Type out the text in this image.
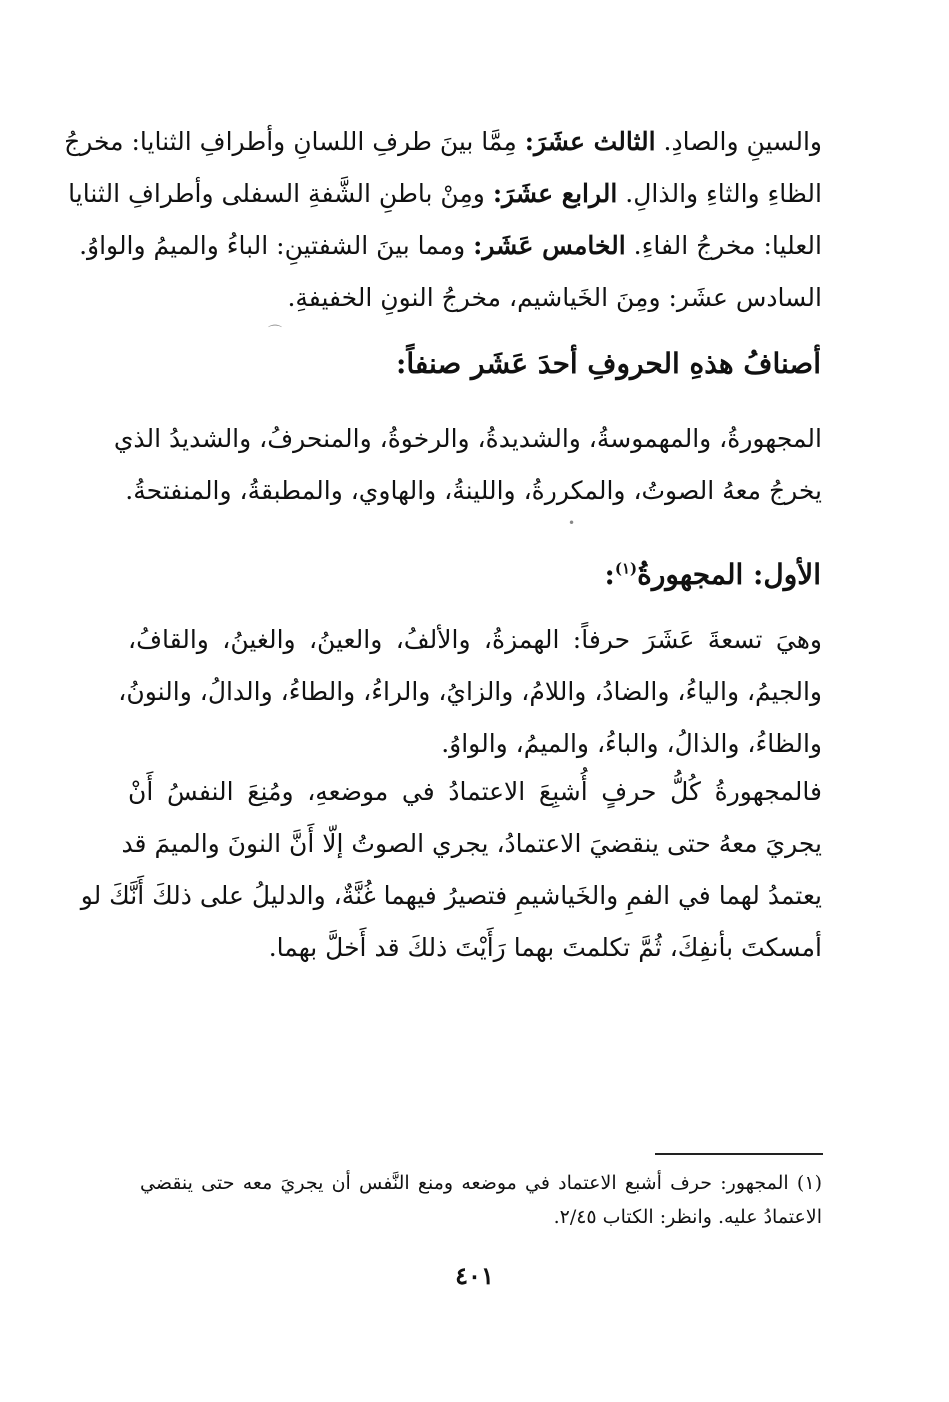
والسينِ والصادِ. الثالث عشَرَ: مِمَّا بينَ طرفِ اللسانِ وأطرافِ الثنايا: مخرجُ
الظاءِ والثاءِ والذالِ. الرابع عشَرَ: ومِنْ باطنِ الشَّفةِ السفلى وأطرافِ الثنايا
العليا: مخرجُ الفاءِ. الخامس عَشَر: ومما بينَ الشفتينِ: الباءُ والميمُ والواوُ.
السادس عشَر: ومِنَ الخَياشيم، مخرجُ النونِ الخفيفةِ.
⌒
أصنافُ هذهِ الحروفِ أحدَ عَشَر صنفاً:
المجهورةُ، والمهموسةُ، والشديدةُ، والرخوةُ، والمنحرفُ، والشديدُ الذي
يخرجُ معهُ الصوتُ، والمكررةُ، واللينةُ، والهاوي، والمطبقةُ، والمنفتحةُ.
•
الأول: المجهورةُ$^{(١)}$:
وهيَ تسعةَ عَشَرَ حرفاً: الهمزةُ، والألفُ، والعينُ، والغينُ، والقافُ،
والجيمُ، والياءُ، والضادُ، واللامُ، والزايُ، والراءُ، والطاءُ، والدالُ، والنونُ،
والظاءُ، والذالُ، والباءُ، والميمُ، والواوُ.
فالمجهورةُ كُلُّ حرفٍ أُشبِعَ الاعتمادُ في موضعهِ، ومُنِعَ النفسُ أَنْ
يجريَ معهُ حتى ينقضيَ الاعتمادُ، يجري الصوتُ إلّا أَنَّ النونَ والميمَ قد
يعتمدُ لهما في الفمِ والخَياشيمِ فتصيرُ فيهما غُنَّةٌ، والدليلُ على ذلكَ أَنَّكَ لو
أمسكتَ بأنفِكَ، ثُمَّ تكلمتَ بهما رَأَيْتَ ذلكَ قد أَخلَّ بهما.
(١) المجهور: حرف أشبع الاعتماد في موضعه ومنع النَّفس أن يجريَ معه حتى ينقضي
الاعتمادُ عليه. وانظر: الكتاب ٢/٤٥.
٤٠١
